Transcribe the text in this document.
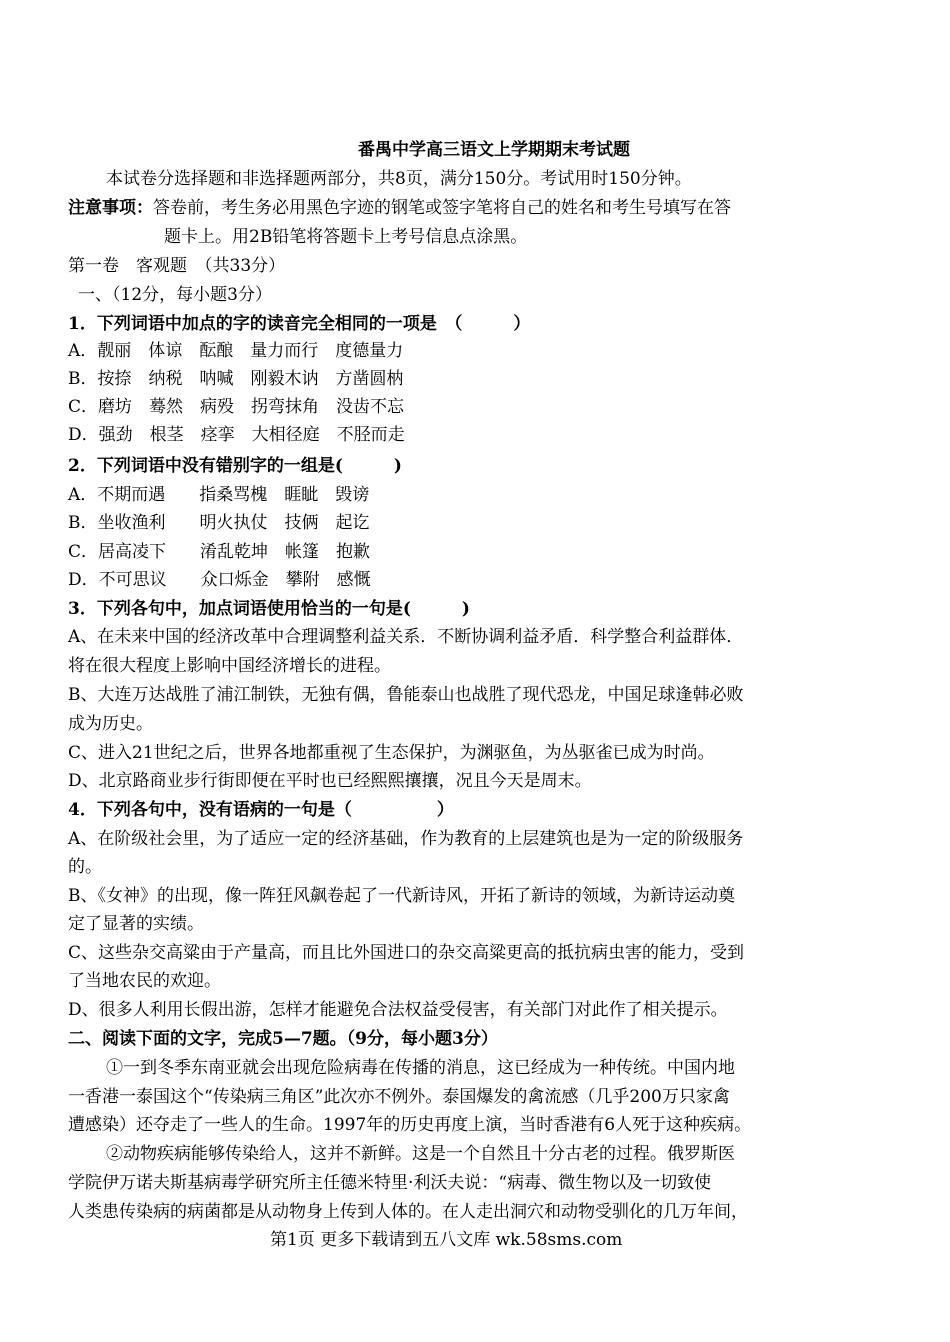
番禺中学高三语文上学期期末考试题
本试卷分选择题和非选择题两部分，共8页，满分150分。考试用时150分钟。
注意事项：答卷前，考生务必用黑色字迹的钢笔或签字笔将自己的姓名和考生号填写在答
题卡上。用2B铅笔将答题卡上考号信息点涂黑。
第一卷　客观题　（共33分）
一、（12分，每小题3分）
1．下列词语中加点的字的读音完全相同的一项是　（　　　）
A．靓丽　体谅　酝酿　量力而行　度德量力
B．按捺　纳税　呐喊　刚毅木讷　方凿圆枘
C．磨坊　蓦然　病殁　拐弯抹角　没齿不忘
D．强劲　根茎　痉挛　大相径庭　不胫而走
2．下列词语中没有错别字的一组是(　　　)
A．不期而遇　　指桑骂槐　睚眦　毁谤
B．坐收渔利　　明火执仗　技俩　起讫
C．居高凌下　　淆乱乾坤　帐篷　抱歉
D．不可思议　　众口烁金　攀附　感慨
3．下列各句中，加点词语使用恰当的一句是(　　　)
A、在未来中国的经济改革中合理调整利益关系．不断协调利益矛盾．科学整合利益群体．
将在很大程度上影响中国经济增长的进程。
B、大连万达战胜了浦江制铁，无独有偶，鲁能泰山也战胜了现代恐龙，中国足球逢韩必败
成为历史。
C、进入21世纪之后，世界各地都重视了生态保护，为渊驱鱼，为丛驱雀已成为时尚。
D、北京路商业步行街即便在平时也已经熙熙攘攘，况且今天是周末。
4．下列各句中，没有语病的一句是（　　　　　）
A、在阶级社会里，为了适应一定的经济基础，作为教育的上层建筑也是为一定的阶级服务
的。
B、《女神》的出现，像一阵狂风飙卷起了一代新诗风，开拓了新诗的领域，为新诗运动奠
定了显著的实绩。
C、这些杂交高粱由于产量高，而且比外国进口的杂交高粱更高的抵抗病虫害的能力，受到
了当地农民的欢迎。
D、很多人利用长假出游，怎样才能避免合法权益受侵害，有关部门对此作了相关提示。
二、阅读下面的文字，完成5—7题。（9分，每小题3分）
①一到冬季东南亚就会出现危险病毒在传播的消息，这已经成为一种传统。中国内地
一香港一泰国这个“传染病三角区”此次亦不例外。泰国爆发的禽流感（几乎200万只家禽
遭感染）还夺走了一些人的生命。1997年的历史再度上演，当时香港有6人死于这种疾病。
②动物疾病能够传染给人，这并不新鲜。这是一个自然且十分古老的过程。俄罗斯医
学院伊万诺夫斯基病毒学研究所主任德米特里·利沃夫说：“病毒、微生物以及一切致使
人类患传染病的病菌都是从动物身上传到人体的。在人走出洞穴和动物受驯化的几万年间，
第1页 更多下载请到五八文库 wk.58sms.com
